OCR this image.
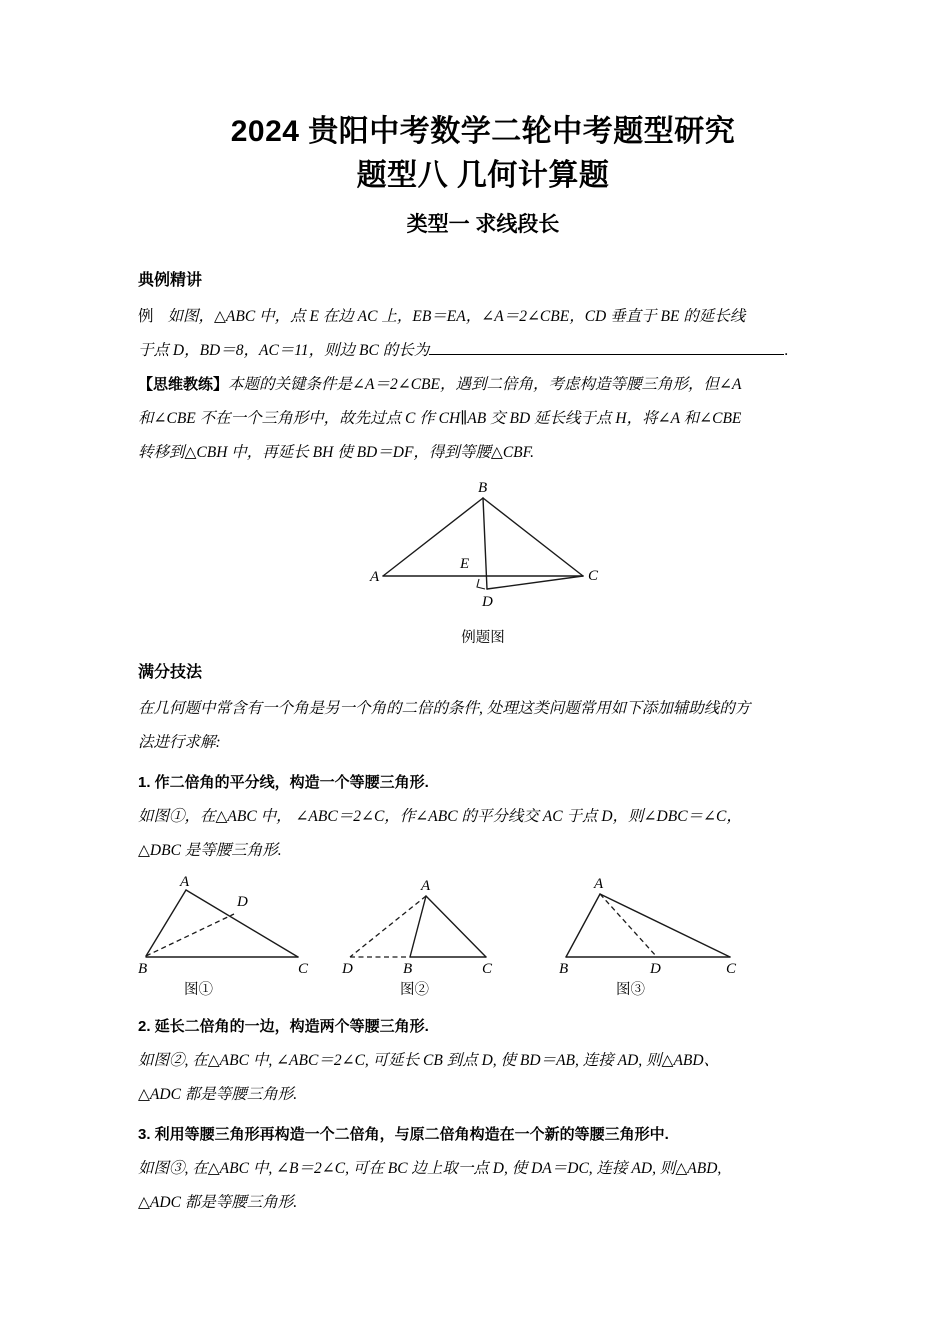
2024 贵阳中考数学二轮中考题型研究
题型八 几何计算题
类型一 求线段长
典例精讲

例 如图，△ABC 中，点 E 在边 AC 上，EB＝EA，∠A＝2∠CBE，CD 垂直于 BE 的延长线

于点 D，BD＝8，AC＝11，则边 BC 的长为	.

【思维教练】本题的关键条件是∠A＝2∠CBE，遇到二倍角，考虑构造等腰三角形，但∠A

和∠CBE 不在一个三角形中，故先过点 C 作 CH∥AB 交 BD 延长线于点 H，将∠A 和∠CBE

转移到△CBH 中，再延长 BH 使 BD＝DF，得到等腰△CBF.

A
B
C
D
E

例题图

满分技法

在几何题中常含有一个角是另一个角的二倍的条件, 处理这类问题常用如下添加辅助线的方

法进行求解:

1. 作二倍角的平分线，构造一个等腰三角形.

如图①，在△ABC 中， ∠ABC＝2∠C，作∠ABC 的平分线交 AC 于点 D，则∠DBC＝∠C，

△DBC 是等腰三角形.

A
B	C
D
A
D	B	C
A
B	D	C
图①	图②	图③

2. 延长二倍角的一边，构造两个等腰三角形.

如图②, 在△ABC 中, ∠ABC＝2∠C, 可延长 CB 到点 D, 使 BD＝AB, 连接 AD, 则△ABD、

△ADC 都是等腰三角形.

3. 利用等腰三角形再构造一个二倍角，与原二倍角构造在一个新的等腰三角形中.

如图③, 在△ABC 中, ∠B＝2∠C, 可在 BC 边上取一点 D, 使 DA＝DC, 连接 AD, 则△ABD,

△ADC 都是等腰三角形.
